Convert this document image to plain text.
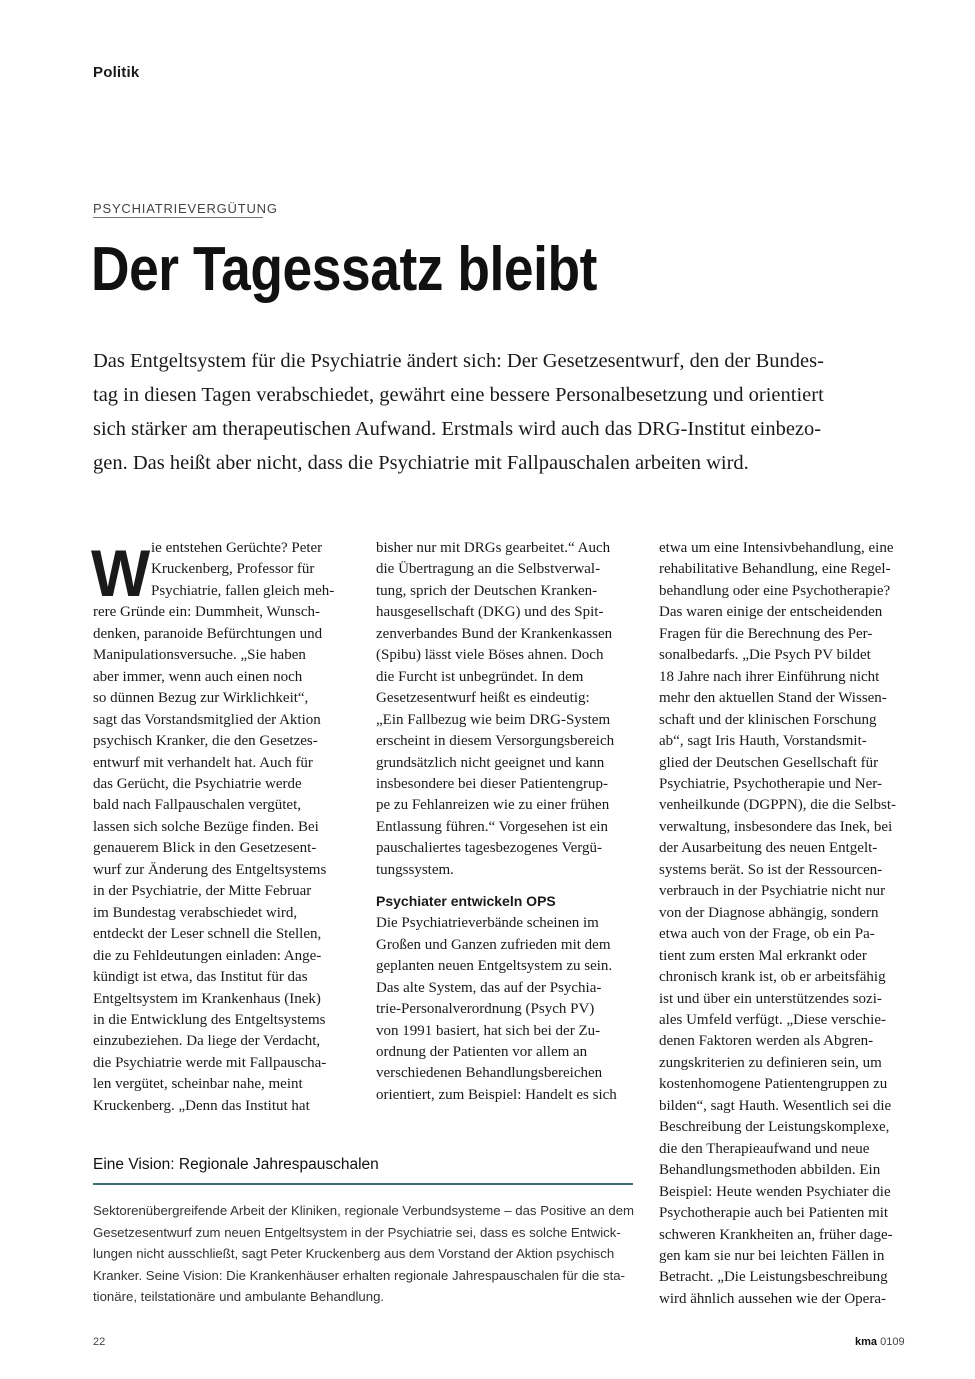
Politik
PSYCHIATRIEVERGÜTUNG
Der Tagessatz bleibt
Das Entgeltsystem für die Psychiatrie ändert sich: Der Gesetzesentwurf, den der Bundes-
tag in diesen Tagen verabschiedet, gewährt eine bessere Personalbesetzung und orientiert
sich stärker am therapeutischen Aufwand. Erstmals wird auch das DRG-Institut einbezo-
gen. Das heißt aber nicht, dass die Psychiatrie mit Fallpauschalen arbeiten wird.
W ie entstehen Gerüchte? Peter
Kruckenberg, Professor für
Psychiatrie, fallen gleich meh-
rere Gründe ein: Dummheit, Wunsch-
denken, paranoide Befürchtungen und
Manipulationsversuche. „Sie haben
aber immer, wenn auch einen noch
so dünnen Bezug zur Wirklichkeit“,
sagt das Vorstandsmitglied der Aktion
psychisch Kranker, die den Gesetzes-
entwurf mit verhandelt hat. Auch für
das Gerücht, die Psychiatrie werde
bald nach Fallpauschalen vergütet,
lassen sich solche Bezüge finden. Bei
genauerem Blick in den Gesetzesent-
wurf zur Änderung des Entgeltsystems
in der Psychiatrie, der Mitte Februar
im Bundestag verabschiedet wird,
entdeckt der Leser schnell die Stellen,
die zu Fehldeutungen einladen: Ange-
kündigt ist etwa, das Institut für das
Entgeltsystem im Krankenhaus (Inek)
in die Entwicklung des Entgeltsystems
einzubeziehen. Da liege der Verdacht,
die Psychiatrie werde mit Fallpauscha-
len vergütet, scheinbar nahe, meint
Kruckenberg. „Denn das Institut hat
bisher nur mit DRGs gearbeitet.“ Auch
die Übertragung an die Selbstverwal-
tung, sprich der Deutschen Kranken-
hausgesellschaft (DKG) und des Spit-
zenverbandes Bund der Krankenkassen
(Spibu) lässt viele Böses ahnen. Doch
die Furcht ist unbegründet. In dem
Gesetzesentwurf heißt es eindeutig:
„Ein Fallbezug wie beim DRG-System
erscheint in diesem Versorgungsbereich
grundsätzlich nicht geeignet und kann
insbesondere bei dieser Patientengrup-
pe zu Fehlanreizen wie zu einer frühen
Entlassung führen.“ Vorgesehen ist ein
pauschaliertes tagesbezogenes Vergü-
tungssystem.
Psychiater entwickeln OPS
Die Psychiatrieverbände scheinen im
Großen und Ganzen zufrieden mit dem
geplanten neuen Entgeltsystem zu sein.
Das alte System, das auf der Psychia-
trie-Personalverordnung (Psych PV)
von 1991 basiert, hat sich bei der Zu-
ordnung der Patienten vor allem an
verschiedenen Behandlungsbereichen
orientiert, zum Beispiel: Handelt es sich
etwa um eine Intensivbehandlung, eine
rehabilitative Behandlung, eine Regel-
behandlung oder eine Psychotherapie?
Das waren einige der entscheidenden
Fragen für die Berechnung des Per-
sonalbedarfs. „Die Psych PV bildet
18 Jahre nach ihrer Einführung nicht
mehr den aktuellen Stand der Wissen-
schaft und der klinischen Forschung
ab“, sagt Iris Hauth, Vorstandsmit-
glied der Deutschen Gesellschaft für
Psychiatrie, Psychotherapie und Ner-
venheilkunde (DGPPN), die die Selbst-
verwaltung, insbesondere das Inek, bei
der Ausarbeitung des neuen Entgelt-
systems berät. So ist der Ressourcen-
verbrauch in der Psychiatrie nicht nur
von der Diagnose abhängig, sondern
etwa auch von der Frage, ob ein Pa-
tient zum ersten Mal erkrankt oder
chronisch krank ist, ob er arbeitsfähig
ist und über ein unterstützendes sozi-
ales Umfeld verfügt. „Diese verschie-
denen Faktoren werden als Abgren-
zungskriterien zu definieren sein, um
kostenhomogene Patientengruppen zu
bilden“, sagt Hauth. Wesentlich sei die
Beschreibung der Leistungskomplexe,
die den Therapieaufwand und neue
Behandlungsmethoden abbilden. Ein
Beispiel: Heute wenden Psychiater die
Psychotherapie auch bei Patienten mit
schweren Krankheiten an, früher dage-
gen kam sie nur bei leichten Fällen in
Betracht. „Die Leistungsbeschreibung
wird ähnlich aussehen wie der Opera-
Eine Vision: Regionale Jahrespauschalen
Sektorenübergreifende Arbeit der Kliniken, regionale Verbundsysteme – das Positive an dem
Gesetzesentwurf zum neuen Entgeltsystem in der Psychiatrie sei, dass es solche Entwick-
lungen nicht ausschließt, sagt Peter Kruckenberg aus dem Vorstand der Aktion psychisch
Kranker. Seine Vision: Die Krankenhäuser erhalten regionale Jahrespauschalen für die sta-
tionäre, teilstationäre und ambulante Behandlung.
22	kma 0109
